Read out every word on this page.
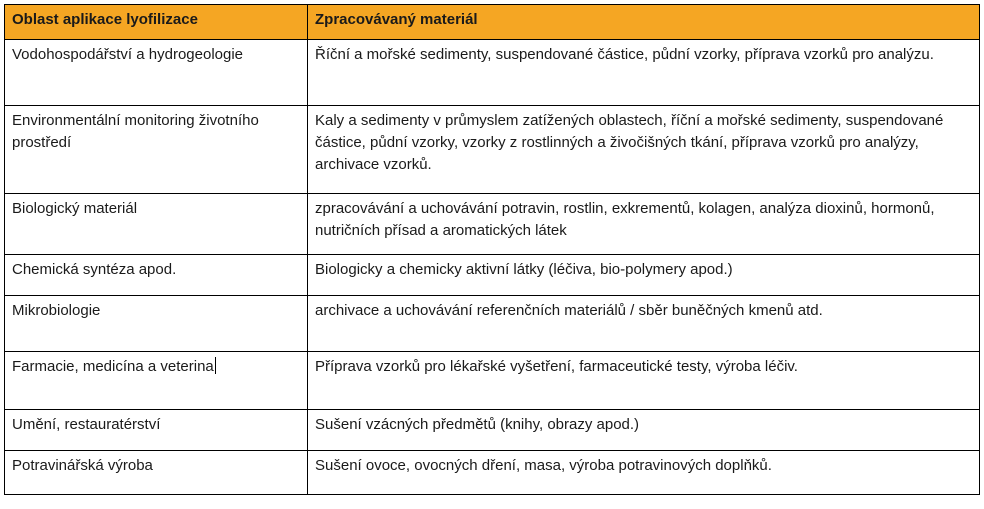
Oblast aplikace lyofilizace	Zpracovávaný materiál
Vodohospodářství a hydrogeologie	Říční a mořské sedimenty, suspendované částice, půdní vzorky, příprava vzorků pro analýzu.
Environmentální monitoring životního prostředí	Kaly a sedimenty v průmyslem zatížených oblastech, říční a mořské sedimenty, suspendované částice, půdní vzorky, vzorky z rostlinných a živočišných tkání, příprava vzorků pro analýzy, archivace vzorků.
Biologický materiál	zpracovávání a uchovávání potravin, rostlin, exkrementů, kolagen, analýza dioxinů, hormonů, nutričních přísad a aromatických látek
Chemická syntéza apod.	Biologicky a chemicky aktivní látky (léčiva, bio-polymery apod.)
Mikrobiologie	archivace a uchovávání referenčních materiálů / sběr buněčných kmenů atd.
Farmacie, medicína a veterina	Příprava vzorků pro lékařské vyšetření, farmaceutické testy, výroba léčiv.
Umění, restauratérství	Sušení vzácných předmětů (knihy, obrazy apod.)
Potravinářská výroba	Sušení ovoce, ovocných dření, masa, výroba potravinových doplňků.
